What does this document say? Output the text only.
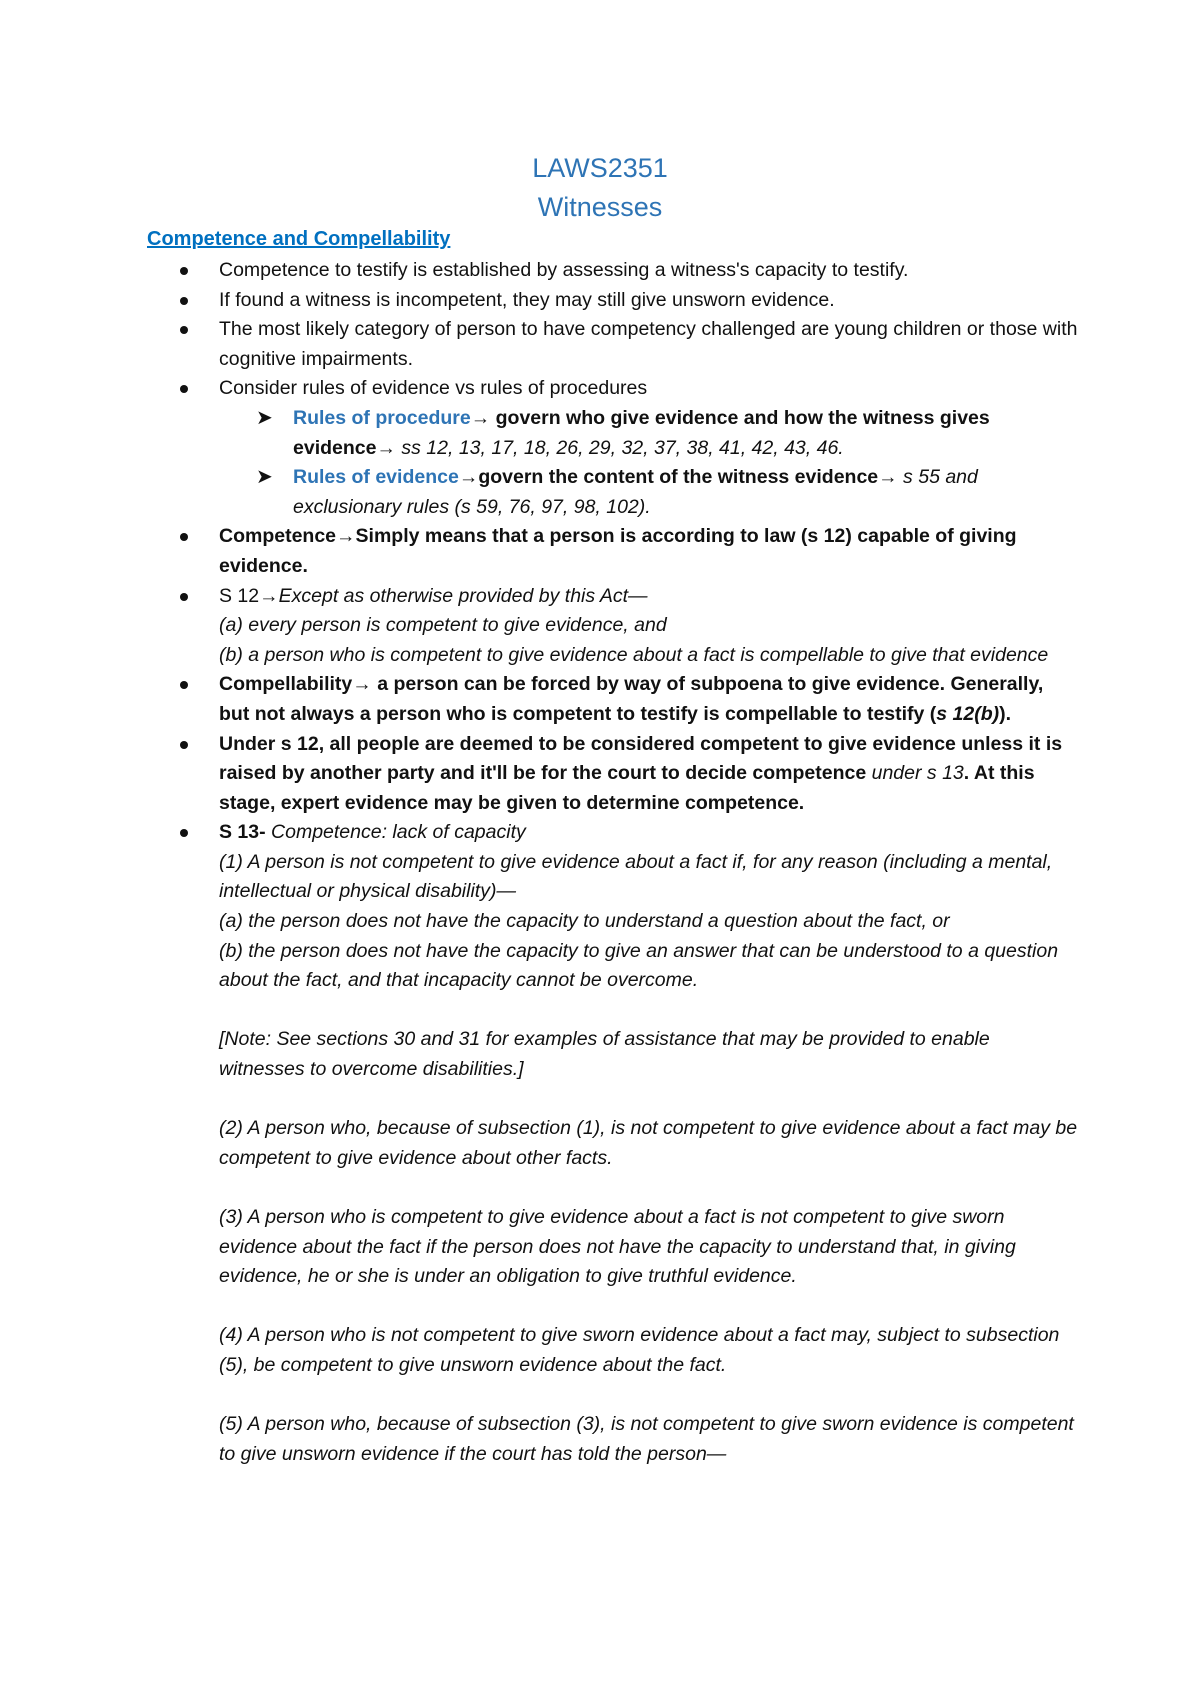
LAWS2351
Witnesses
Competence and Compellability
Competence to testify is established by assessing a witness's capacity to testify.
If found a witness is incompetent, they may still give unsworn evidence.
The most likely category of person to have competency challenged are young children or those with cognitive impairments.
Consider rules of evidence vs rules of procedures
➤ Rules of procedure→ govern who give evidence and how the witness gives evidence→ ss 12, 13, 17, 18, 26, 29, 32, 37, 38, 41, 42, 43, 46.
➤ Rules of evidence→govern the content of the witness evidence→ s 55 and exclusionary rules (s 59, 76, 97, 98, 102).
Competence→Simply means that a person is according to law (s 12) capable of giving evidence.
S 12→Except as otherwise provided by this Act—
(a) every person is competent to give evidence, and
(b) a person who is competent to give evidence about a fact is compellable to give that evidence
Compellability→ a person can be forced by way of subpoena to give evidence. Generally, but not always a person who is competent to testify is compellable to testify (s 12(b)).
Under s 12, all people are deemed to be considered competent to give evidence unless it is raised by another party and it'll be for the court to decide competence under s 13. At this stage, expert evidence may be given to determine competence.
S 13- Competence: lack of capacity
(1) A person is not competent to give evidence about a fact if, for any reason (including a mental, intellectual or physical disability)—
(a) the person does not have the capacity to understand a question about the fact, or
(b) the person does not have the capacity to give an answer that can be understood to a question about the fact, and that incapacity cannot be overcome.
[Note: See sections 30 and 31 for examples of assistance that may be provided to enable witnesses to overcome disabilities.]
(2) A person who, because of subsection (1), is not competent to give evidence about a fact may be competent to give evidence about other facts.
(3) A person who is competent to give evidence about a fact is not competent to give sworn evidence about the fact if the person does not have the capacity to understand that, in giving evidence, he or she is under an obligation to give truthful evidence.
(4) A person who is not competent to give sworn evidence about a fact may, subject to subsection (5), be competent to give unsworn evidence about the fact.
(5) A person who, because of subsection (3), is not competent to give sworn evidence is competent to give unsworn evidence if the court has told the person—
